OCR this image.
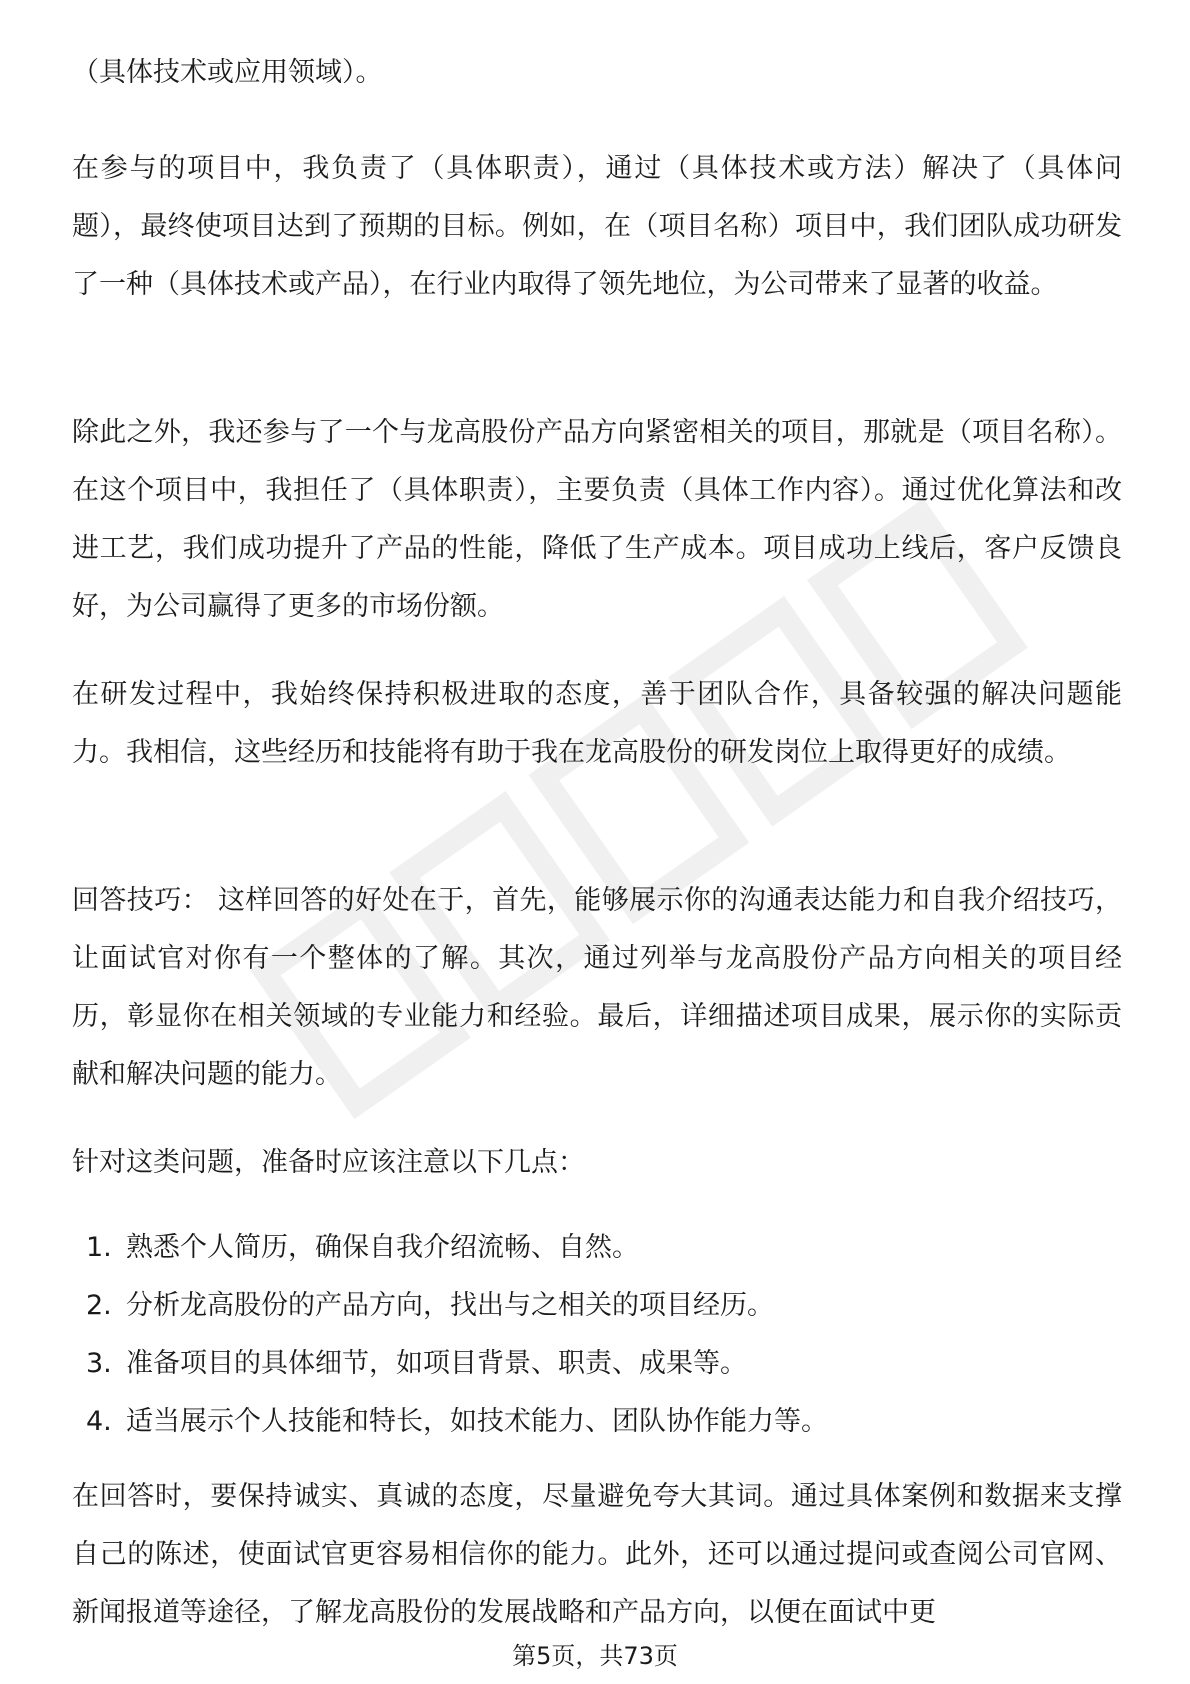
（具体技术或应用领域）。

在参与的项目中，我负责了（具体职责），通过（具体技术或方法）解决了（具体问题），最终使项目达到了预期的目标。例如，在（项目名称）项目中，我们团队成功研发了一种（具体技术或产品），在行业内取得了领先地位，为公司带来了显著的收益。

除此之外，我还参与了一个与龙高股份产品方向紧密相关的项目，那就是（项目名称）。在这个项目中，我担任了（具体职责），主要负责（具体工作内容）。通过优化算法和改进工艺，我们成功提升了产品的性能，降低了生产成本。项目成功上线后，客户反馈良好，为公司赢得了更多的市场份额。

在研发过程中，我始终保持积极进取的态度，善于团队合作，具备较强的解决问题能力。我相信，这些经历和技能将有助于我在龙高股份的研发岗位上取得更好的成绩。

回答技巧： 这样回答的好处在于，首先，能够展示你的沟通表达能力和自我介绍技巧，让面试官对你有一个整体的了解。其次，通过列举与龙高股份产品方向相关的项目经历，彰显你在相关领域的专业能力和经验。最后，详细描述项目成果，展示你的实际贡献和解决问题的能力。

针对这类问题，准备时应该注意以下几点：

1. 熟悉个人简历，确保自我介绍流畅、自然。
2. 分析龙高股份的产品方向，找出与之相关的项目经历。
3. 准备项目的具体细节，如项目背景、职责、成果等。
4. 适当展示个人技能和特长，如技术能力、团队协作能力等。

在回答时，要保持诚实、真诚的态度，尽量避免夸大其词。通过具体案例和数据来支撑自己的陈述，使面试官更容易相信你的能力。此外，还可以通过提问或查阅公司官网、新闻报道等途径，了解龙高股份的发展战略和产品方向，以便在面试中更

第5页，共73页
